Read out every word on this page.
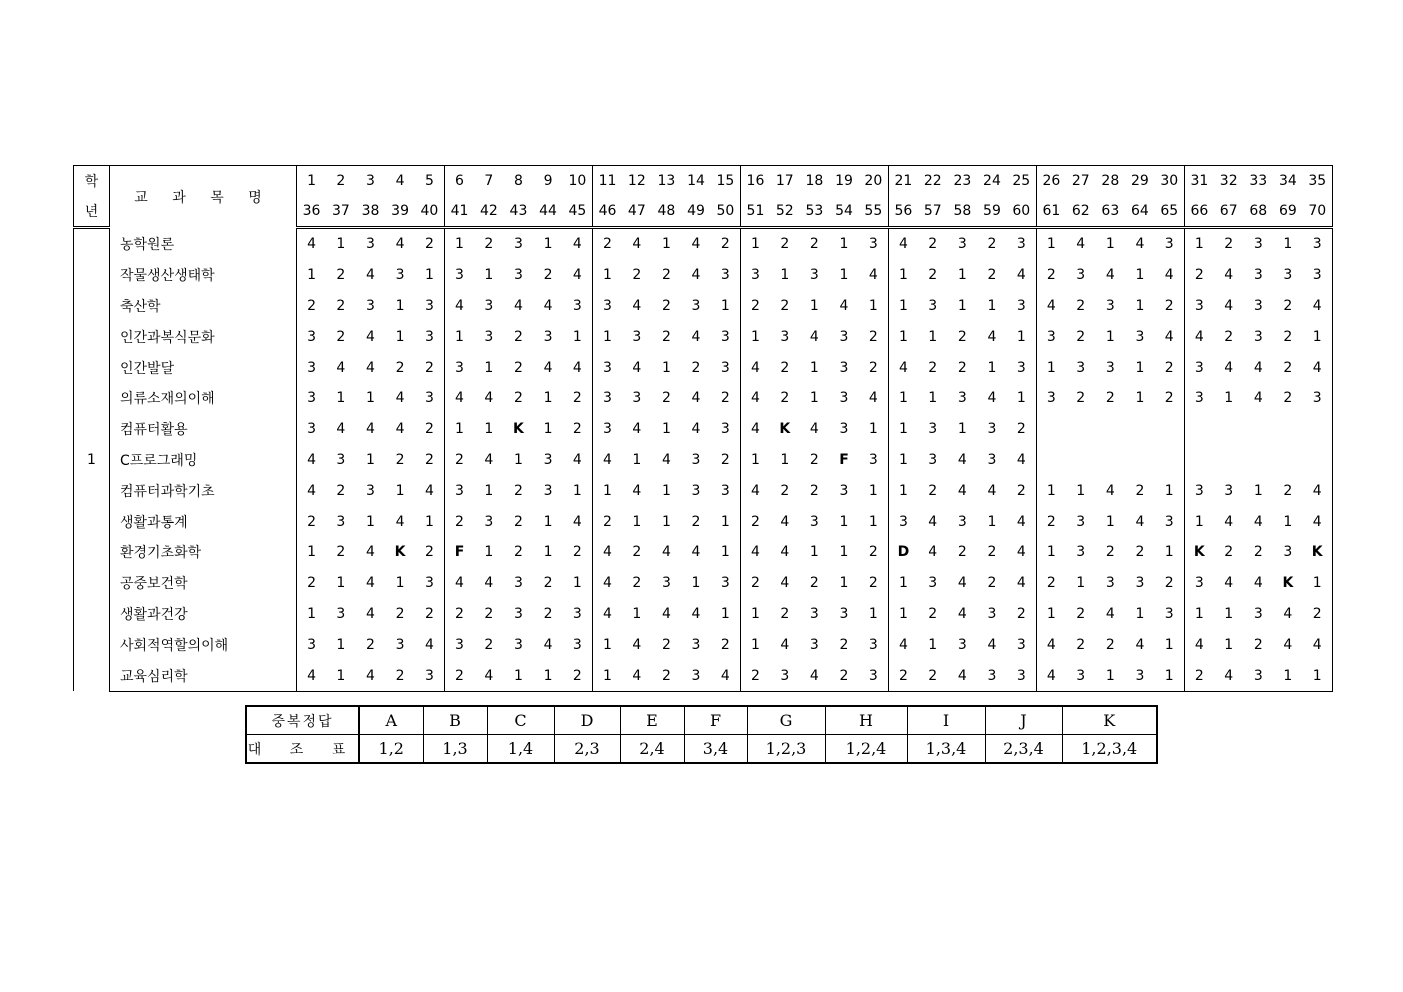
학	교 과 목 명	1	2	3	4	5	6	7	8	9	10	11	12	13	14	15	16	17	18	19	20	21	22	23	24	25	26	27	28	29	30	31	32	33	34	35
년		36	37	38	39	40	41	42	43	44	45	46	47	48	49	50	51	52	53	54	55	56	57	58	59	60	61	62	63	64	65	66	67	68	69	70
1	농학원론	4	1	3	4	2	1	2	3	1	4	2	4	1	4	2	1	2	2	1	3	4	2	3	2	3	1	4	1	4	3	1	2	3	1	3
	작물생산생태학	1	2	4	3	1	3	1	3	2	4	1	2	2	4	3	3	1	3	1	4	1	2	1	2	4	2	3	4	1	4	2	4	3	3	3
	축산학	2	2	3	1	3	4	3	4	4	3	3	4	2	3	1	2	2	1	4	1	1	3	1	1	3	4	2	3	1	2	3	4	3	2	4
	인간과복식문화	3	2	4	1	3	1	3	2	3	1	1	3	2	4	3	1	3	4	3	2	1	1	2	4	1	3	2	1	3	4	4	2	3	2	1
	인간발달	3	4	4	2	2	3	1	2	4	4	3	4	1	2	3	4	2	1	3	2	4	2	2	1	3	1	3	3	1	2	3	4	4	2	4
	의류소재의이해	3	1	1	4	3	4	4	2	1	2	3	3	2	4	2	4	2	1	3	4	1	1	3	4	1	3	2	2	1	2	3	1	4	2	3
	컴퓨터활용	3	4	4	4	2	1	1	K	1	2	3	4	1	4	3	4	K	4	3	1	1	3	1	3	2										
	C프로그래밍	4	3	1	2	2	2	4	1	3	4	4	1	4	3	2	1	1	2	F	3	1	3	4	3	4										
	컴퓨터과학기초	4	2	3	1	4	3	1	2	3	1	1	4	1	3	3	4	2	2	3	1	1	2	4	4	2	1	1	4	2	1	3	3	1	2	4
	생활과통계	2	3	1	4	1	2	3	2	1	4	2	1	1	2	1	2	4	3	1	1	3	4	3	1	4	2	3	1	4	3	1	4	4	1	4
	환경기초화학	1	2	4	K	2	F	1	2	1	2	4	2	4	4	1	4	4	1	1	2	D	4	2	2	4	1	3	2	2	1	K	2	2	3	K
	공중보건학	2	1	4	1	3	4	4	3	2	1	4	2	3	1	3	2	4	2	1	2	1	3	4	2	4	2	1	3	3	2	3	4	4	K	1
	생활과건강	1	3	4	2	2	2	2	3	2	3	4	1	4	4	1	1	2	3	3	1	1	2	4	3	2	1	2	4	1	3	1	1	3	4	2
	사회적역할의이해	3	1	2	3	4	3	2	3	4	3	1	4	2	3	2	1	4	3	2	3	4	1	3	4	3	4	2	2	4	1	4	1	2	4	4
	교육심리학	4	1	4	2	3	2	4	1	1	2	1	4	2	3	4	2	3	4	2	3	2	2	4	3	3	4	3	1	3	1	2	4	3	1	1
중복정답	A	B	C	D	E	F	G	H	I	J	K
대 조 표	1,2	1,3	1,4	2,3	2,4	3,4	1,2,3	1,2,4	1,3,4	2,3,4	1,2,3,4
